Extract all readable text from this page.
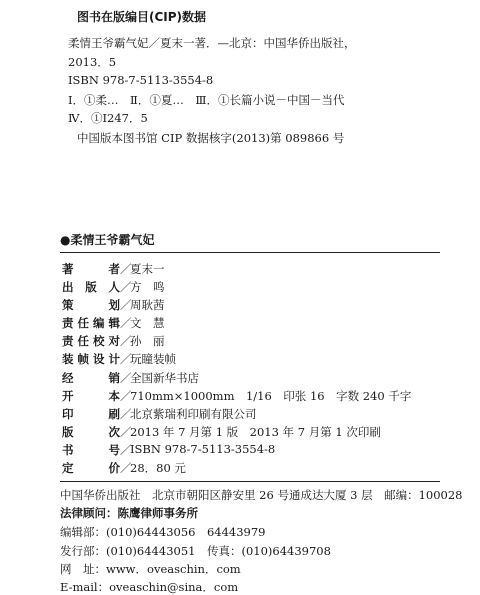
图书在版编目(CIP)数据
柔情王爷霸气妃／夏末一著．—北京：中国华侨出版社，
2013．5
ISBN 978-7-5113-3554-8
Ⅰ．①柔…　Ⅱ．①夏…　Ⅲ．①长篇小说－中国－当代
Ⅳ．①I247．5
中国版本图书馆 CIP 数据核字(2013)第 089866 号
●柔情王爷霸气妃
著者 ／
夏末一
出版人 ／
方　鸣
策划 ／
周耿茜
责任编辑 ／
文　慧
责任校对 ／
孙　丽
装帧设计 ／
玩瞳装帧
经销 ／
全国新华书店
开本 ／
710mm×1000mm　1/16　印张 16　字数 240 千字
印刷 ／
北京紫瑞利印刷有限公司
版次 ／
2013 年 7 月第 1 版　2013 年 7 月第 1 次印刷
书号 ／
ISBN 978-7-5113-3554-8
定价 ／
28．80 元
中国华侨出版社　北京市朝阳区静安里 26 号通成达大厦 3 层　邮编：100028
法律顾问：陈鹰律师事务所
编辑部：(010)64443056　64443979
发行部：(010)64443051　传真：(010)64439708
网　址：www．oveaschin．com
E-mail：oveaschin@sina．com
